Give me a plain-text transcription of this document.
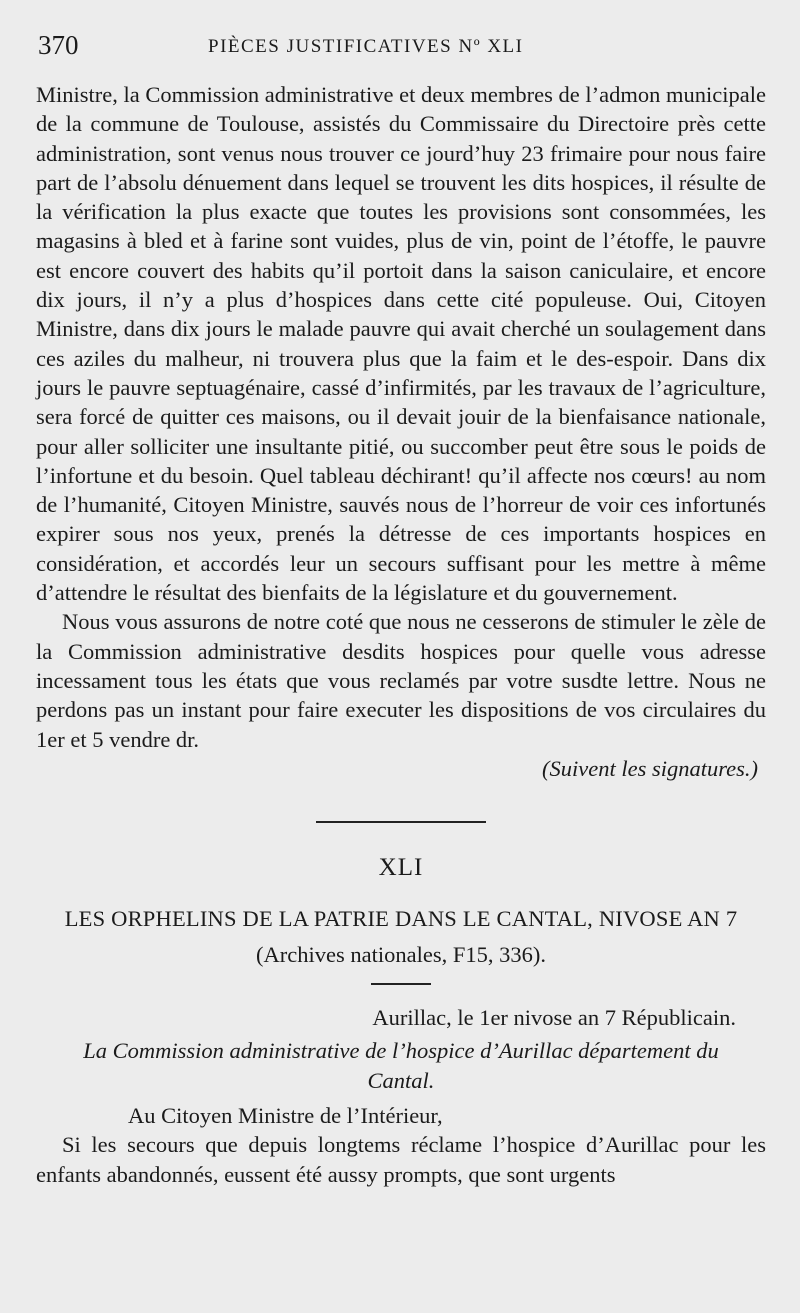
370	PIÈCES JUSTIFICATIVES Nº XLI

Ministre, la Commission administrative et deux membres de l’admon municipale de la commune de Toulouse, assistés du Commissaire du Directoire près cette administration, sont venus nous trouver ce jourd’huy 23 frimaire pour nous faire part de l’absolu dénuement dans lequel se trouvent les dits hospices, il résulte de la vérification la plus exacte que toutes les provisions sont consommées, les magasins à bled et à farine sont vuides, plus de vin, point de l’étoffe, le pauvre est encore couvert des habits qu’il portoit dans la saison caniculaire, et encore dix jours, il n’y a plus d’hospices dans cette cité populeuse. Oui, Citoyen Ministre, dans dix jours le malade pauvre qui avait cherché un soulagement dans ces aziles du malheur, ni trouvera plus que la faim et le des-espoir. Dans dix jours le pauvre septuagénaire, cassé d’infirmités, par les travaux de l’agriculture, sera forcé de quitter ces maisons, ou il devait jouir de la bienfaisance nationale, pour aller solliciter une insultante pitié, ou succomber peut être sous le poids de l’infortune et du besoin. Quel tableau déchirant! qu’il affecte nos cœurs! au nom de l’humanité, Citoyen Ministre, sauvés nous de l’horreur de voir ces infortunés expirer sous nos yeux, prenés la détresse de ces importants hospices en considération, et accordés leur un secours suffisant pour les mettre à même d’attendre le résultat des bienfaits de la législature et du gouvernement.

Nous vous assurons de notre coté que nous ne cesserons de stimuler le zèle de la Commission administrative desdits hospices pour quelle vous adresse incessament tous les états que vous reclamés par votre susdte lettre. Nous ne perdons pas un instant pour faire executer les dispositions de vos circulaires du 1er et 5 vendre dr.

(Suivent les signatures.)

XLI
LES ORPHELINS DE LA PATRIE DANS LE CANTAL, NIVOSE AN 7
(Archives nationales, F15, 336).
Aurillac, le 1er nivose an 7 Républicain.
La Commission administrative de l’hospice d’Aurillac département du
Cantal.
Au Citoyen Ministre de l’Intérieur,

Si les secours que depuis longtems réclame l’hospice d’Aurillac pour les enfants abandonnés, eussent été aussy prompts, que sont urgents
